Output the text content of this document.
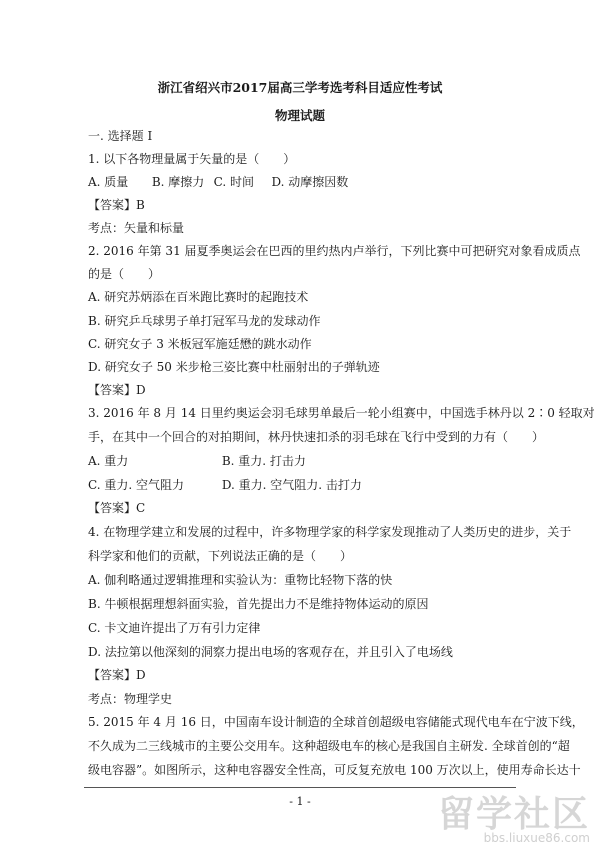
浙江省绍兴市2017届高三学考选考科目适应性考试
物理试题
一. 选择题 I
1. 以下各物理量属于矢量的是（　　）
A. 质量 B. 摩擦力 C. 时间 D. 动摩擦因数
【答案】B
考点：矢量和标量
2. 2016 年第 31 届夏季奥运会在巴西的里约热内卢举行，下列比赛中可把研究对象看成质点
的是（　　）
A. 研究苏炳添在百米跑比赛时的起跑技术
B. 研究乒乓球男子单打冠军马龙的发球动作
C. 研究女子 3 米板冠军施廷懋的跳水动作
D. 研究女子 50 米步枪三姿比赛中杜丽射出的子弹轨迹
【答案】D
3. 2016 年 8 月 14 日里约奥运会羽毛球男单最后一轮小组赛中，中国选手林丹以 2∶0 轻取对
手，在其中一个回合的对拍期间，林丹快速扣杀的羽毛球在飞行中受到的力有（　　）
A. 重力	B. 重力. 打击力
C. 重力. 空气阻力	D. 重力. 空气阻力. 击打力
【答案】C
4. 在物理学建立和发展的过程中，许多物理学家的科学家发现推动了人类历史的进步，关于
科学家和他们的贡献，下列说法正确的是（　　）
A. 伽利略通过逻辑推理和实验认为：重物比轻物下落的快
B. 牛顿根据理想斜面实验，首先提出力不是维持物体运动的原因
C. 卡文迪许提出了万有引力定律
D. 法拉第以他深刻的洞察力提出电场的客观存在，并且引入了电场线
【答案】D
考点：物理学史
5. 2015 年 4 月 16 日，中国南车设计制造的全球首创超级电容储能式现代电车在宁波下线，
不久成为二三线城市的主要公交用车。这种超级电车的核心是我国自主研发. 全球首创的“超
级电容器”。如图所示，这种电容器安全性高，可反复充放电 100 万次以上，使用寿命长达十
- 1 -	留学社区
bbs.liuxue86.com
